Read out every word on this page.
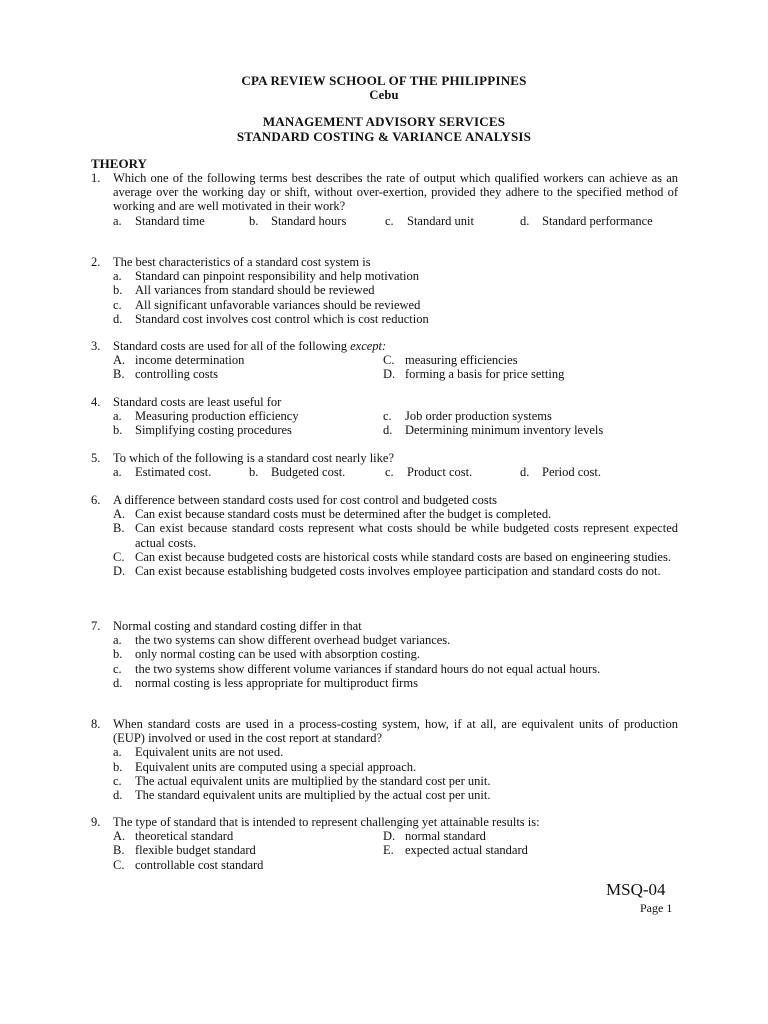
CPA REVIEW SCHOOL OF THE PHILIPPINES
Cebu
MANAGEMENT ADVISORY SERVICES
STANDARD COSTING & VARIANCE ANALYSIS
THEORY
1.	Which one of the following terms best describes the rate of output which qualified workers can achieve as an average over the working day or shift, without over-exertion, provided they adhere to the specified method of working and are well motivated in their work?
a.	Standard time	b.	Standard hours	c.	Standard unit	d.	Standard performance
2.	The best characteristics of a standard cost system is
a.	Standard can pinpoint responsibility and help motivation
b.	All variances from standard should be reviewed
c.	All significant unfavorable variances should be reviewed
d.	Standard cost involves cost control which is cost reduction
3.	Standard costs are used for all of the following except:
A. income determination	C. measuring efficiencies
B. controlling costs	D. forming a basis for price setting
4.	Standard costs are least useful for
a.	Measuring production efficiency	c.	Job order production systems
b.	Simplifying costing procedures	d.	Determining minimum inventory levels
5.	To which of the following is a standard cost nearly like?
a.	Estimated cost.	b.	Budgeted cost.	c.	Product cost.	d.	Period cost.
6.	A difference between standard costs used for cost control and budgeted costs
A. Can exist because standard costs must be determined after the budget is completed.
B. Can exist because standard costs represent what costs should be while budgeted costs represent expected actual costs.
C. Can exist because budgeted costs are historical costs while standard costs are based on engineering studies.
D. Can exist because establishing budgeted costs involves employee participation and standard costs do not.
7.	Normal costing and standard costing differ in that
a.	the two systems can show different overhead budget variances.
b.	only normal costing can be used with absorption costing.
c.	the two systems show different volume variances if standard hours do not equal actual hours.
d.	normal costing is less appropriate for multiproduct firms
8.	When standard costs are used in a process-costing system, how, if at all, are equivalent units of production (EUP) involved or used in the cost report at standard?
a.	Equivalent units are not used.
b.	Equivalent units are computed using a special approach.
c.	The actual equivalent units are multiplied by the standard cost per unit.
d.	The standard equivalent units are multiplied by the actual cost per unit.
9.	The type of standard that is intended to represent challenging yet attainable results is:
A. theoretical standard	D. normal standard
B. flexible budget standard	E. expected actual standard
C. controllable cost standard
MSQ-04
Page 1
